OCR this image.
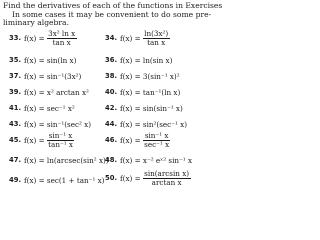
Find the derivatives of each of the functions in Exercises

In some cases it may be convenient to do some pre-

liminary algebra.

33. $f(x) = \frac{\text{3x² ln x}}{\text{tan x}}$	34. $f(x) = \frac{\text{ln(3x²)}}{\text{tan x}}$
35. f(x) = sin(ln x)	36. f(x) = ln(sin x)
37. f(x) = sin⁻¹(3x²)	38. f(x) = 3(sin⁻¹ x)²
39. f(x) = x² arctan x² 40. f(x) = tan⁻¹(ln x)
41. f(x) = sec⁻¹ x²	42. f(x) = sin(sin⁻¹ x)
43. f(x) = sin⁻¹(sec² x) 44. f(x) = sin²(sec⁻¹ x)
45. $f(x) = \frac{\text{sin⁻¹ x}}{\text{tan⁻¹ x}}$	46. $f(x) = \frac{\text{sin⁻¹ x}}{\text{sec⁻¹ x}}$
47. f(x) = ln(arcsec(sin² x))
48. f(x) = x⁻² eˣ² sin⁻¹ x
49. f(x) = sec(1 + tan⁻¹ x) 50. $f(x) = \frac{\text{sin(arcsin x)}}{\text{arctan x}}$
